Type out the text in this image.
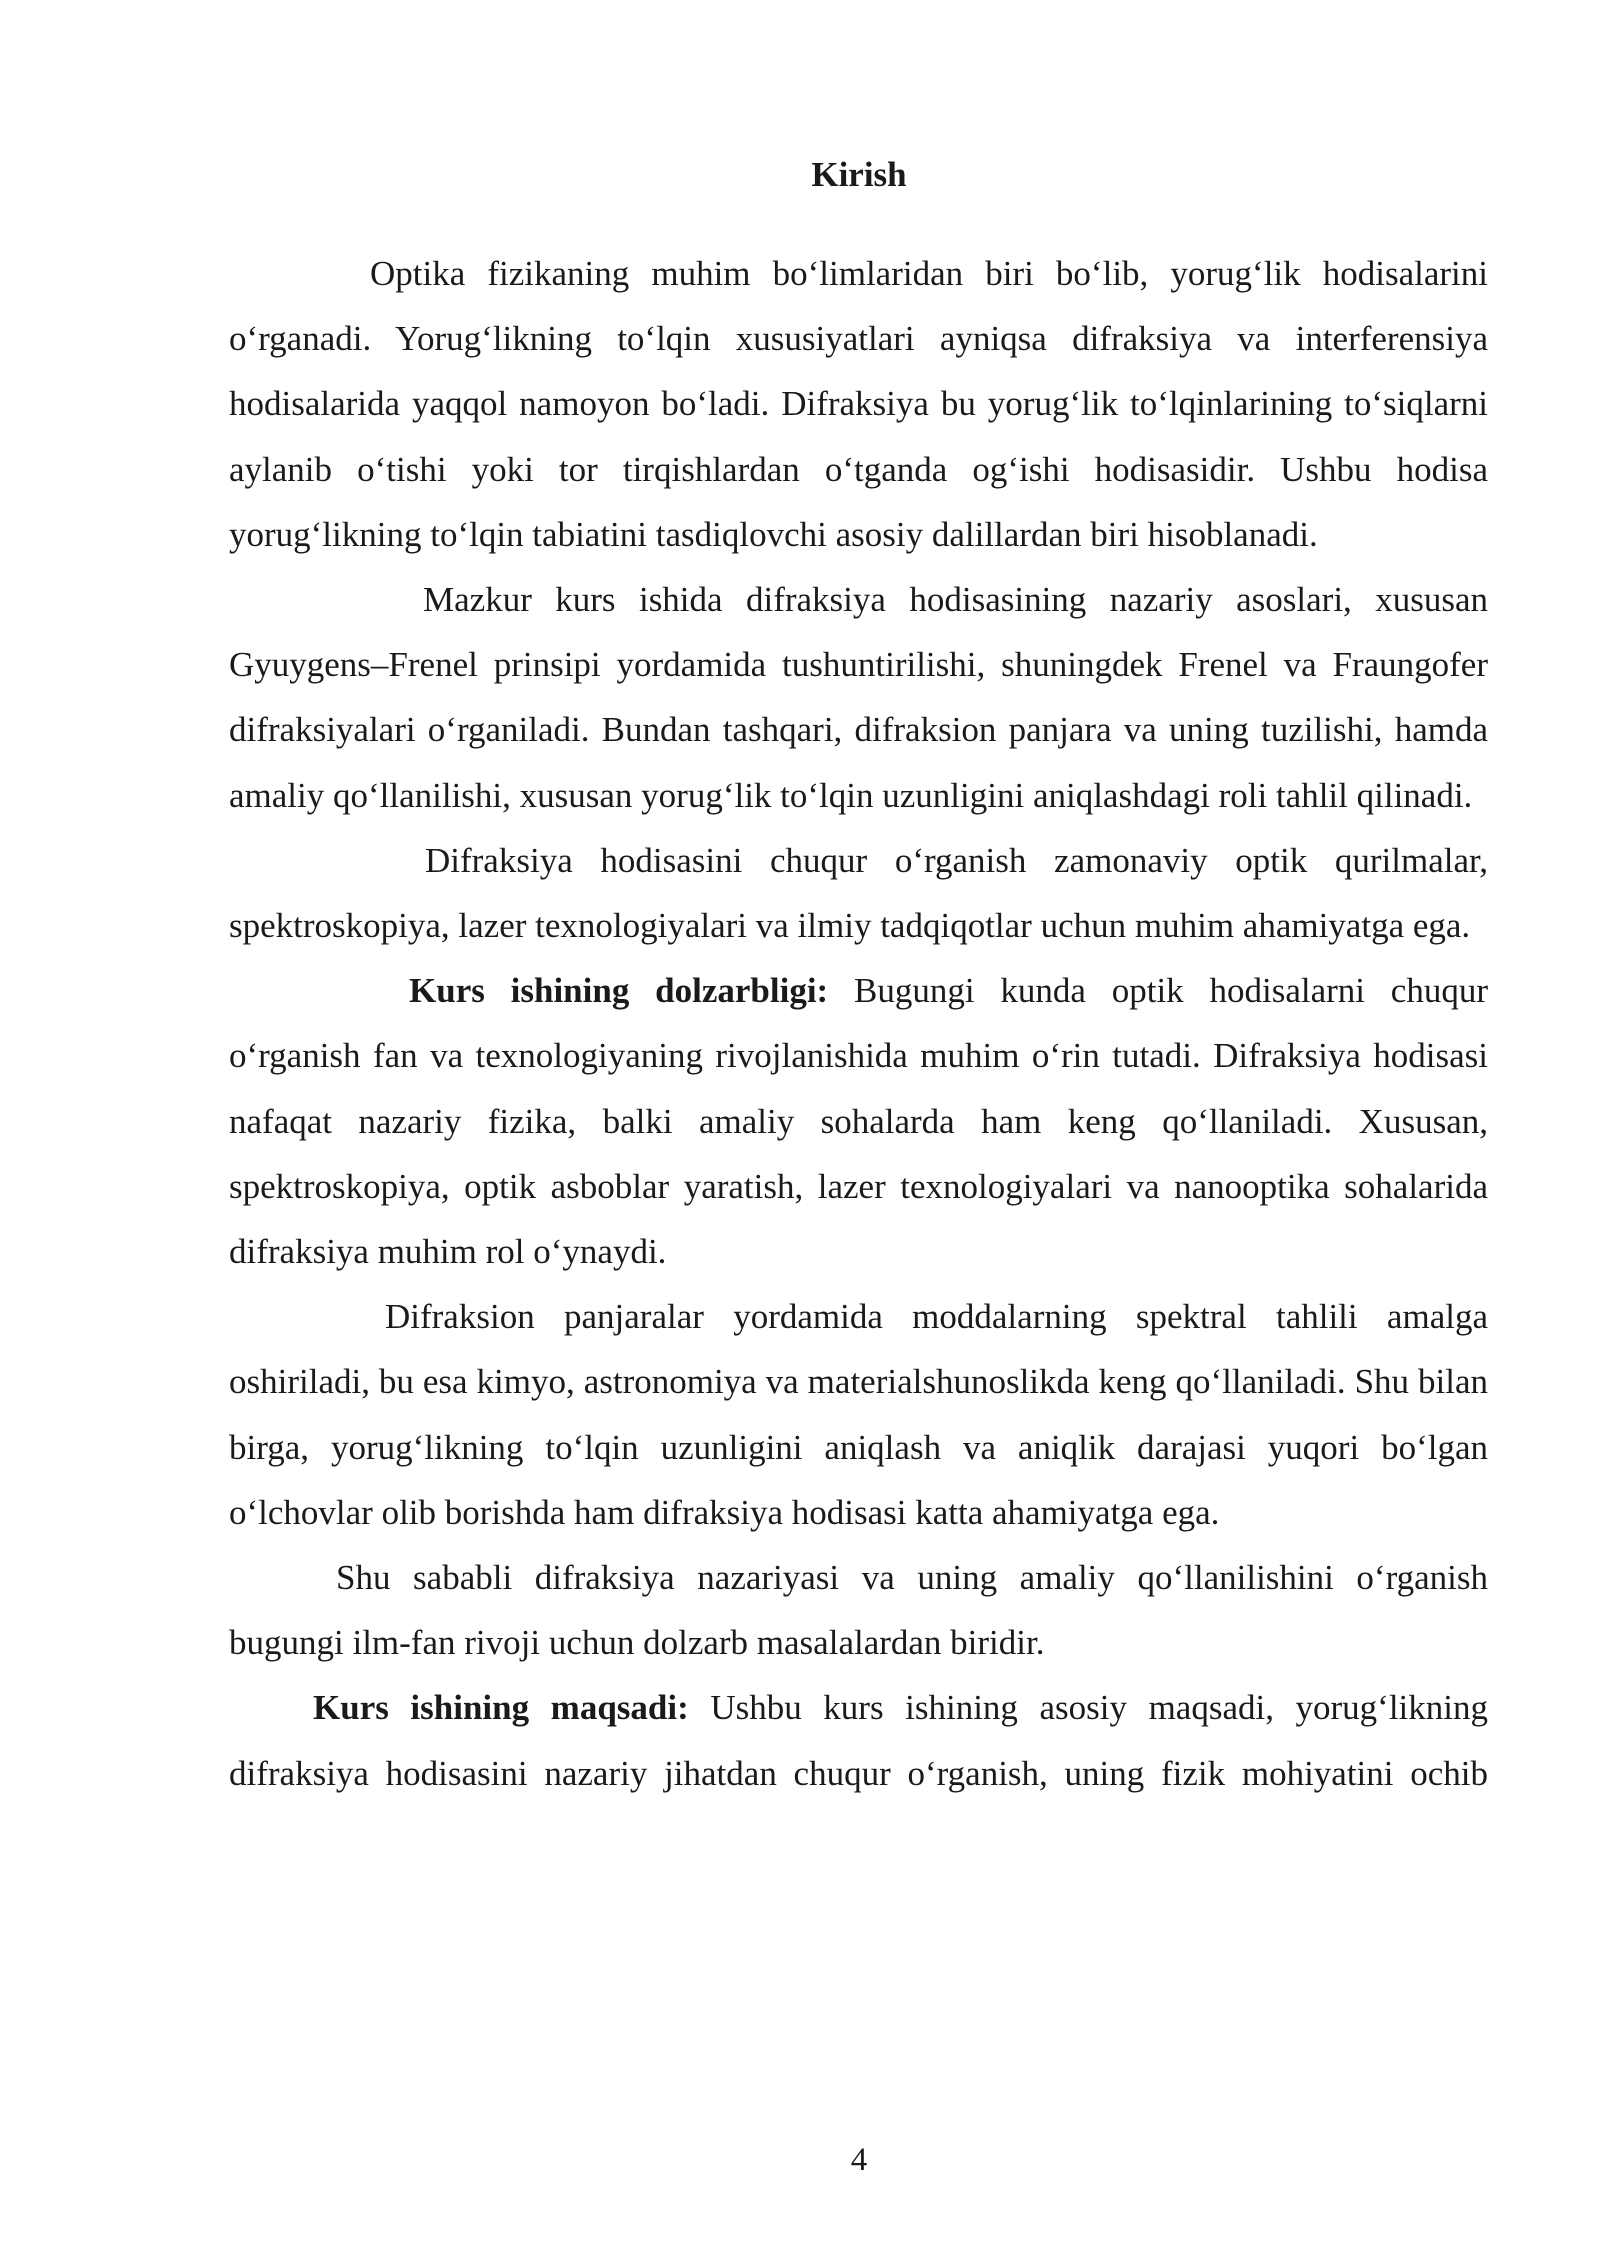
Kirish

Optika fizikaning muhim bo‘limlaridan biri bo‘lib, yorug‘lik hodisalarini o‘rganadi. Yorug‘likning to‘lqin xususiyatlari ayniqsa difraksiya va interferensiya hodisalarida yaqqol namoyon bo‘ladi. Difraksiya bu yorug‘lik to‘lqinlarining to‘siqlarni aylanib o‘tishi yoki tor tirqishlardan o‘tganda og‘ishi hodisasidir. Ushbu hodisa yorug‘likning to‘lqin tabiatini tasdiqlovchi asosiy dalillardan biri hisoblanadi.

Mazkur kurs ishida difraksiya hodisasining nazariy asoslari, xususan Gyuygens–Frenel prinsipi yordamida tushuntirilishi, shuningdek Frenel va Fraungofer difraksiyalari o‘rganiladi. Bundan tashqari, difraksion panjara va uning tuzilishi, hamda amaliy qo‘llanilishi, xususan yorug‘lik to‘lqin uzunligini aniqlashdagi roli tahlil qilinadi.

Difraksiya hodisasini chuqur o‘rganish zamonaviy optik qurilmalar, spektroskopiya, lazer texnologiyalari va ilmiy tadqiqotlar uchun muhim ahamiyatga ega.

Kurs ishining dolzarbligi: Bugungi kunda optik hodisalarni chuqur o‘rganish fan va texnologiyaning rivojlanishida muhim o‘rin tutadi. Difraksiya hodisasi nafaqat nazariy fizika, balki amaliy sohalarda ham keng qo‘llaniladi. Xususan, spektroskopiya, optik asboblar yaratish, lazer texnologiyalari va nanooptika sohalarida difraksiya muhim rol o‘ynaydi.

Difraksion panjaralar yordamida moddalarning spektral tahlili amalga oshiriladi, bu esa kimyo, astronomiya va materialshunoslikda keng qo‘llaniladi. Shu bilan birga, yorug‘likning to‘lqin uzunligini aniqlash va aniqlik darajasi yuqori bo‘lgan o‘lchovlar olib borishda ham difraksiya hodisasi katta ahamiyatga ega.

Shu sababli difraksiya nazariyasi va uning amaliy qo‘llanilishini o‘rganish bugungi ilm-fan rivoji uchun dolzarb masalalardan biridir.

Kurs ishining maqsadi: Ushbu kurs ishining asosiy maqsadi, yorug‘likning difraksiya hodisasini nazariy jihatdan chuqur o‘rganish, uning fizik mohiyatini ochib

4
